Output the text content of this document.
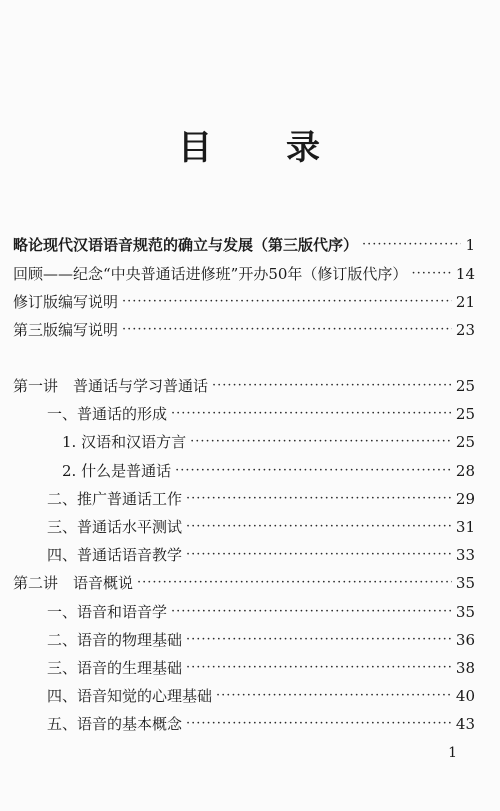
目　　录
略论现代汉语语音规范的确立与发展（第三版代序） ·····	1
回顾——纪念“中央普通话进修班”开办50年（修订版代序） ·····	14
修订版编写说明 ·····	21
第三版编写说明 ·····	23
第一讲　普通话与学习普通话 ·····	25
一、普通话的形成 ·····	25
1. 汉语和汉语方言 ·····	25
2. 什么是普通话 ·····	28
二、推广普通话工作 ·····	29
三、普通话水平测试 ·····	31
四、普通话语音教学 ·····	33
第二讲　语音概说 ·····	35
一、语音和语音学 ·····	35
二、语音的物理基础 ·····	36
三、语音的生理基础 ·····	38
四、语音知觉的心理基础 ·····	40
五、语音的基本概念 ·····	43
1
